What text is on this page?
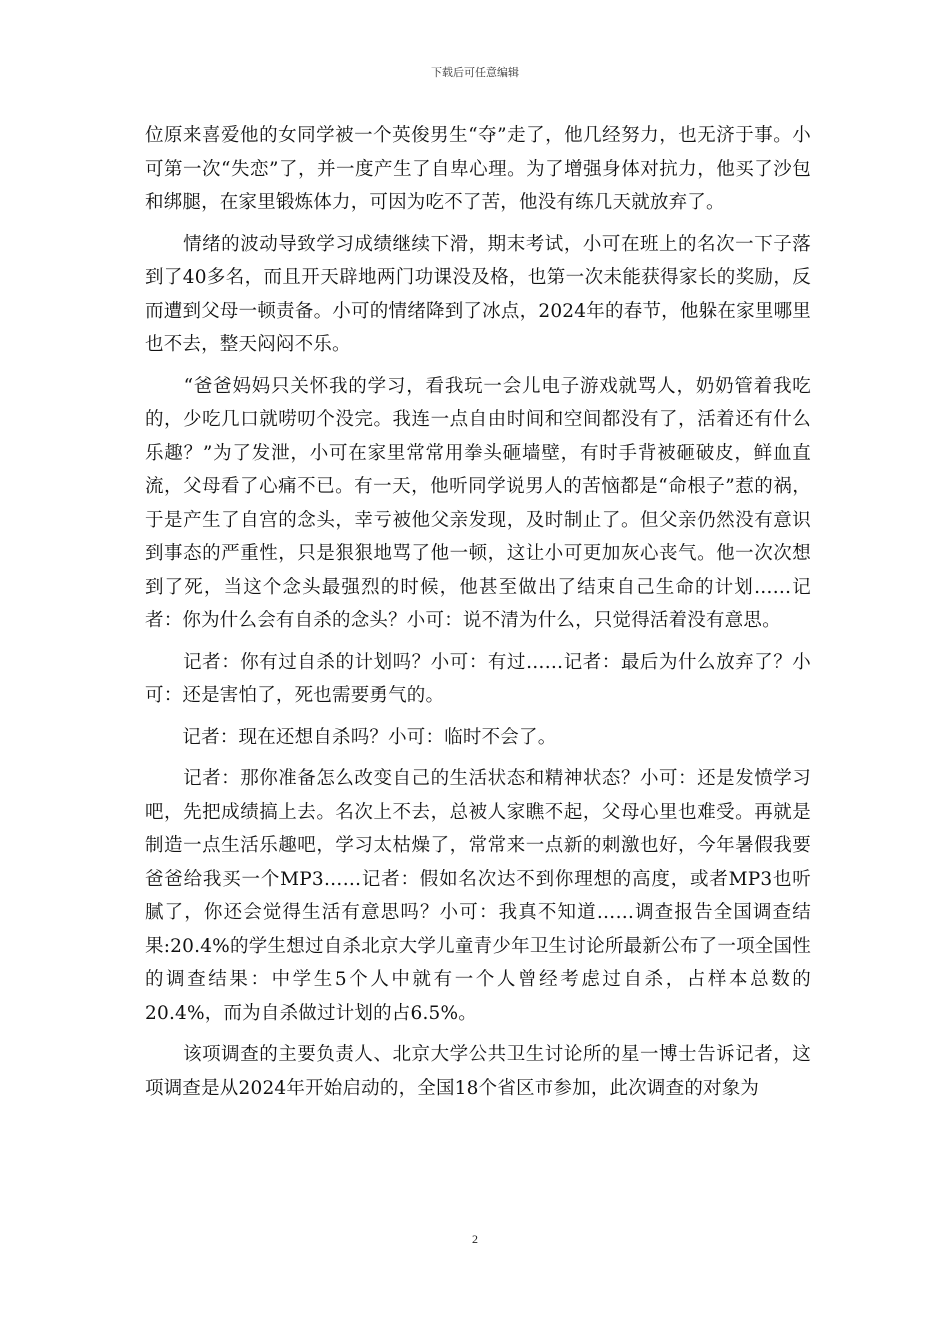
下载后可任意编辑

位原来喜爱他的女同学被一个英俊男生“夺”走了，他几经努力，也无济于事。小可第一次“失恋”了，并一度产生了自卑心理。为了增强身体对抗力，他买了沙包和绑腿，在家里锻炼体力，可因为吃不了苦，他没有练几天就放弃了。

　　情绪的波动导致学习成绩继续下滑，期末考试，小可在班上的名次一下子落到了40多名，而且开天辟地两门功课没及格，也第一次未能获得家长的奖励，反而遭到父母一顿责备。小可的情绪降到了冰点，2024年的春节，他躲在家里哪里也不去，整天闷闷不乐。

　　“爸爸妈妈只关怀我的学习，看我玩一会儿电子游戏就骂人，奶奶管着我吃的，少吃几口就唠叨个没完。我连一点自由时间和空间都没有了，活着还有什么乐趣？”为了发泄，小可在家里常常用拳头砸墙壁，有时手背被砸破皮，鲜血直流，父母看了心痛不已。有一天，他听同学说男人的苦恼都是“命根子”惹的祸，于是产生了自宫的念头，幸亏被他父亲发现，及时制止了。但父亲仍然没有意识到事态的严重性，只是狠狠地骂了他一顿，这让小可更加灰心丧气。他一次次想到了死，当这个念头最强烈的时候，他甚至做出了结束自己生命的计划……记者：你为什么会有自杀的念头？小可：说不清为什么，只觉得活着没有意思。

　　记者：你有过自杀的计划吗？小可：有过……记者：最后为什么放弃了？小可：还是害怕了，死也需要勇气的。

　　记者：现在还想自杀吗？小可：临时不会了。

　　记者：那你准备怎么改变自己的生活状态和精神状态？小可：还是发愤学习吧，先把成绩搞上去。名次上不去，总被人家瞧不起，父母心里也难受。再就是制造一点生活乐趣吧，学习太枯燥了，常常来一点新的刺激也好，今年暑假我要爸爸给我买一个MP3……记者：假如名次达不到你理想的高度，或者MP3也听腻了，你还会觉得生活有意思吗？小可：我真不知道……调查报告全国调查结果:20.4%的学生想过自杀北京大学儿童青少年卫生讨论所最新公布了一项全国性的调查结果：中学生5个人中就有一个人曾经考虑过自杀，占样本总数的20.4%，而为自杀做过计划的占6.5%。

　　该项调查的主要负责人、北京大学公共卫生讨论所的星一博士告诉记者，这项调查是从2024年开始启动的，全国18个省区市参加，此次调查的对象为

2
